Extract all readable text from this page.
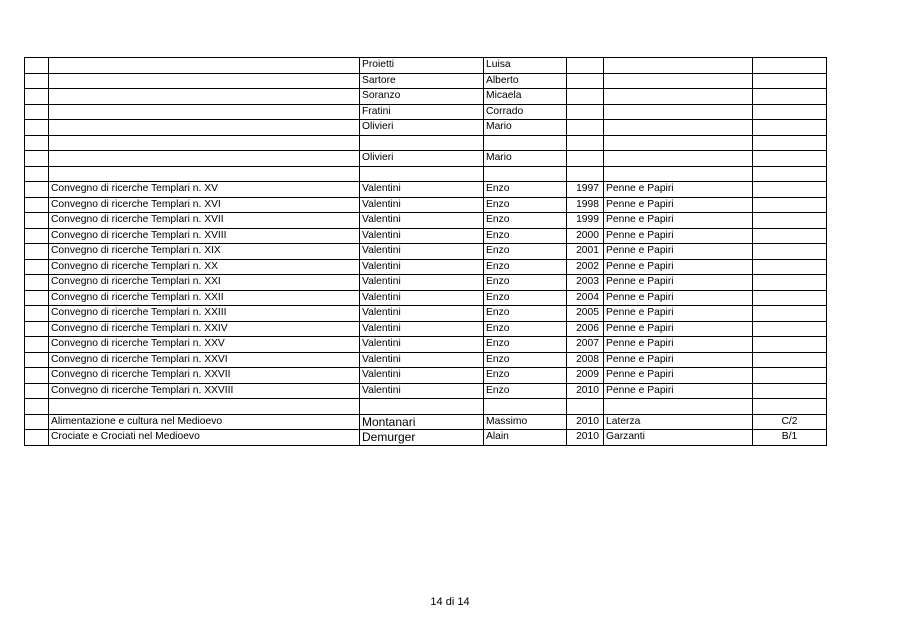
		Proietti	Luisa			
		Sartore	Alberto			
		Soranzo	Micaela			
		Fratini	Corrado			
		Olivieri	Mario			

		Olivieri	Mario			

	Convegno di ricerche Templari n. XV	Valentini	Enzo	1997	Penne e Papiri	
	Convegno di ricerche Templari n. XVI	Valentini	Enzo	1998	Penne e Papiri	
	Convegno di ricerche Templari n. XVII	Valentini	Enzo	1999	Penne e Papiri	
	Convegno di ricerche Templari n. XVIII	Valentini	Enzo	2000	Penne e Papiri	
	Convegno di ricerche Templari n. XIX	Valentini	Enzo	2001	Penne e Papiri	
	Convegno di ricerche Templari n. XX	Valentini	Enzo	2002	Penne e Papiri	
	Convegno di ricerche Templari n. XXI	Valentini	Enzo	2003	Penne e Papiri	
	Convegno di ricerche Templari n. XXII	Valentini	Enzo	2004	Penne e Papiri	
	Convegno di ricerche Templari n. XXIII	Valentini	Enzo	2005	Penne e Papiri	
	Convegno di ricerche Templari n. XXIV	Valentini	Enzo	2006	Penne e Papiri	
	Convegno di ricerche Templari n. XXV	Valentini	Enzo	2007	Penne e Papiri	
	Convegno di ricerche Templari n. XXVI	Valentini	Enzo	2008	Penne e Papiri	
	Convegno di ricerche Templari n. XXVII	Valentini	Enzo	2009	Penne e Papiri	
	Convegno di ricerche Templari n. XXVIII	Valentini	Enzo	2010	Penne e Papiri	

	Alimentazione e cultura nel Medioevo	Montanari	Massimo	2010	Laterza	C/2
	Crociate e Crociati nel Medioevo	Demurger	Alain	2010	Garzanti	B/1
14 di 14
